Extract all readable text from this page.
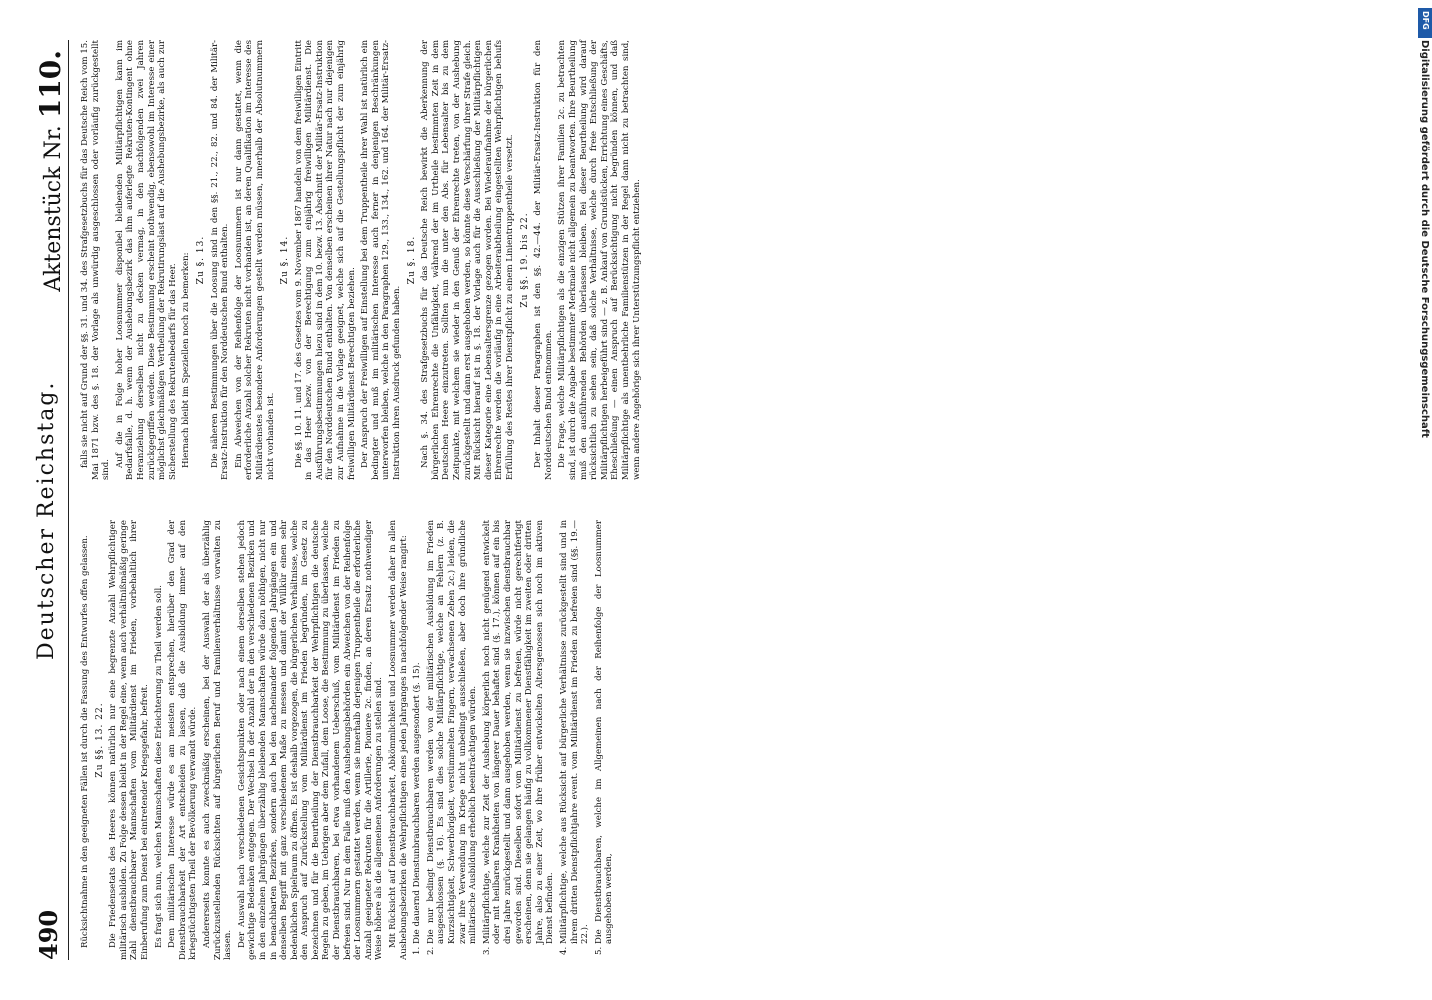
490
Deutscher Reichstag.
Aktenstück Nr. 110.

Rücksichtnahme in den geeigneten Fällen ist durch die Fassung des Entwurfes offen gelassen. Zu §§. 13. 22. Die Friedensetats des Heeres können natürlich nur eine begrenzte Anzahl Wehrpflichtiger militärisch ausbilden. Zu Folge dessen bleibt in der Regel eine, wenn auch verhältnißmäßig geringe Zahl dienstbrauchbarer Mannschaften vom Militärdienst im Frieden, vorbehaltlich ihrer Einberufung zum Dienst bei eintretender Kriegsgefahr, befreit. Es fragt sich nun, welchen Mannschaften diese Erleichterung zu Theil werden soll. Dem militärischen Interesse würde es am meisten entsprechen, hierüber den Grad der Dienstbrauchbarkeit der Art entscheiden zu lassen, daß die Ausbildung immer auf den kriegstüchtigsten Theil der Bevölkerung verwandt würde. Andererseits konnte es auch zweckmäßig erscheinen, bei der Auswahl der als überzählig Zurückzustellenden Rücksichten auf bürgerlichen Beruf und Familienverhältnisse vorwalten zu lassen. Der Auswahl nach verschiedenen Gesichtspunkten oder nach einem derselben stehen jedoch gewichtige Bedenken entgegen. Der Wechsel in der Anzahl der in den verschiedenen Bezirken und in den einzelnen Jahrgängen überzählig bleibenden Mannschaften würde dazu nöthigen, nicht nur in benachbarten Bezirken, sondern auch bei den nacheinander folgenden Jahrgängen ein und denselben Begriff mit ganz verschiedenem Maße zu messen und damit der Willkür einen sehr bedenklichen Spielraum zu öffnen. Es ist deshalb vorgezogen, die bürgerlichen Verhältnisse, welche den Anspruch auf Zurückstellung vom Militärdienst im Frieden begründen, im Gesetz zu bezeichnen und für die Beurtheilung der Dienstbrauchbarkeit der Wehrpflichtigen die deutsche Regeln zu geben, im Uebrigen aber dem Zufall, dem Loose, die Bestimmung zu überlassen, welche der Dienstbrauchbaren, bei etwa vorhandenem Ueberschuß, vom Militärdienst im Frieden zu befreien sind. Nur in dem Falle muß den Aushebungsbehörden ein Abweichen von der Reihenfolge der Loosnummern gestattet werden, wenn sie innerhalb derjenigen Truppentheile die erforderliche Anzahl geeigneter Rekruten für die Artillerie, Pioniere 2c. finden, an deren Ersatz nothwendiger Weise höhere als die allgemeinen Anforderungen zu stellen sind. Mit Rücksicht auf Dienstbrauchbarkeit, Abkömmlichkeit und Loosnummer werden daher in allen Aushebungsbezirken die Wehrpflichtigen eines jeden Jahrganges in nachfolgender Weise rangirt: 1. Die dauernd Dienstunbrauchbaren werden ausgesondert (§. 15). 2. Die nur bedingt Dienstbrauchbaren werden von der militärischen Ausbildung im Frieden ausgeschlossen (§. 16). Es sind dies solche Militärpflichtige, welche an Fehlern (z. B. Kurzsichtigkeit, Schwerhörigkeit, verstümmelten Fingern, verwachsenen Zehen 2c.) leiden, die zwar ihre Verwendung im Kriege nicht unbedingt ausschließen, aber doch ihre gründliche militärische Ausbildung erheblich beeinträchtigen würden. 3. Militärpflichtige, welche zur Zeit der Aushebung körperlich noch nicht genügend entwickelt oder mit heilbaren Krankheiten von längerer Dauer behaftet sind (§. 17.), können auf ein bis drei Jahre zurückgestellt und dann ausgehoben werden, wenn sie inzwischen dienstbrauchbar geworden sind. Dieselben sofort vom Militärdienst zu befreien, würde nicht gerechtfertigt erscheinen, denn sie gelangen häufig zu vollkommener Dienstfähigkeit im zweiten oder dritten Jahre, also zu einer Zeit, wo ihre früher entwickelten Altersgenossen sich noch im aktiven Dienst befinden. 4. Militärpflichtige, welche aus Rücksicht auf bürgerliche Verhältnisse zurückgestellt sind und in ihrem dritten Dienstpflichtjahre event. vom Militärdienst im Frieden zu befreien sind (§§. 19.—22.). 5. Die Dienstbrauchbaren, welche im Allgemeinen nach der Reihenfolge der Loosnummer ausgehoben werden,

falls sie nicht auf Grund der §§. 31. und 34. des Strafgesetzbuchs für das Deutsche Reich vom 15. Mai 1871 bzw. des §. 18. der Vorlage als unwürdig ausgeschlossen oder vorläufig zurückgestellt sind.

Auf die in Folge hoher Loosnummer disponibel bleibenden Militärpflichtigen kann im Bedarfsfalle, d. h. wenn der Aushebungsbezirk das ihm auferlegte Rekruten-Kontingent ohne Heranziehung derselben nicht zu decken vermag, in den nachfolgenden zwei Jahren zurückgegriffen werden. Diese Bestimmung erscheint nothwendig, ebensowohl im Interesse einer möglichst gleichmäßigen Vertheilung der Rekrutirungslast auf die Aushebungsbezirke, als auch zur Sicherstellung des Rekrutenbedarfs für das Heer. Hiernach bleibt im Speziellen noch zu bemerken: Zu §. 13. Die näheren Bestimmungen über die Loosung sind in den §§. 21., 22., 82. und 84. der Militär-Ersatz-Instruktion für den Norddeutschen Bund enthalten. Ein Abweichen von der Reihenfolge der Loosnummern ist nur dann gestattet, wenn die erforderliche Anzahl solcher Rekruten nicht vorhanden ist, an deren Qualifikation im Interesse des Militärdienstes besondere Anforderungen gestellt werden müssen, innerhalb der Absolutnummern nicht vorhanden ist.

Zu §. 14. Die §§. 10. 11. und 17. des Gesetzes vom 9. November 1867 handeln von dem freiwilligen Eintritt in das Heer bezw. von der Berechtigung zum einjährig freiwilligen Militärdienst. Die Ausführungsbestimmungen hiezu sind in dem 10. bezw. 13. Abschnitt der Militär-Ersatz-Instruktion für den Norddeutschen Bund enthalten. Von denselben erscheinen ihrer Natur nach nur diejenigen zur Aufnahme in die Vorlage geeignet, welche sich auf die Gestellungspflicht der zum einjährig freiwilligen Militärdienst Berechtigten beziehen. Der Anspruch der Freiwilligen auf Einstellung bei dem Truppentheile ihrer Wahl ist natürlich ein bedingter und muß im militärischen Interesse auch ferner in denjenigen Beschränkungen unterworfen bleiben, welche in den Paragraphen 129., 133., 134., 162. und 164. der Militär-Ersatz-Instruktion ihren Ausdruck gefunden haben.

Zu §. 18. Nach §. 34. des Strafgesetzbuchs für das Deutsche Reich bewirkt die Aberkennung der bürgerlichen Ehrenrechte die Unfähigkeit, während der im Urtheile bestimmten Zeit in dem Deutschen Heere einzutreten. Sollten nun die unter den Abs. für Lebensalter bis zu dem Zeitpunkte, mit welchem sie wieder in den Genuß der Ehrenrechte treten, von der Aushebung zurückgestellt und dann erst ausgehoben werden, so könnte diese Verschärfung ihrer Strafe gleich. Mit Rücksicht hierauf ist in §. 18. der Vorlage auch für die Ausschließung der Militärpflichtigen dieser Kategorie eine Lebensaltersgrenze gezogen worden. Bei Wiederaufnahme der bürgerlichen Ehrenrechte werden die vorläufig in eine Arbeiterabtheilung eingestellten Wehrpflichtigen behufs Erfüllung des Restes ihrer Dienstpflicht zu einem Linientruppentheile versetzt. Zu §§. 19. bis 22. Der Inhalt dieser Paragraphen ist den §§. 42.—44. der Militär-Ersatz-Instruktion für den Norddeutschen Bund entnommen. Die Frage, welche Militärpflichtigen als die einzigen Stützen ihrer Familien 2c. zu betrachten sind, ist durch die Angabe bestimmter Merkmale nicht allgemein zu beantworten. Ihre Beurtheilung muß den ausführenden Behörden überlassen bleiben. Bei dieser Beurtheilung wird darauf rücksichtlich zu sehen sein, daß solche Verhältnisse, welche durch freie Entschließung der Militärpflichtigen herbeigeführt sind — z. B. Ankauf von Grundstücken, Errichtung eines Geschäfts, Eheschließung — einen Anspruch auf Berücksichtigung nicht begründen können, und daß Militärpflichtige als unentbehrliche Familienstützen in der Regel dann nicht zu betrachten sind, wenn andere Angehörige sich ihrer Unterstützungspflicht entziehen.

DFG
Digitalisierung gefördert durch die Deutsche Forschungsgemeinschaft
